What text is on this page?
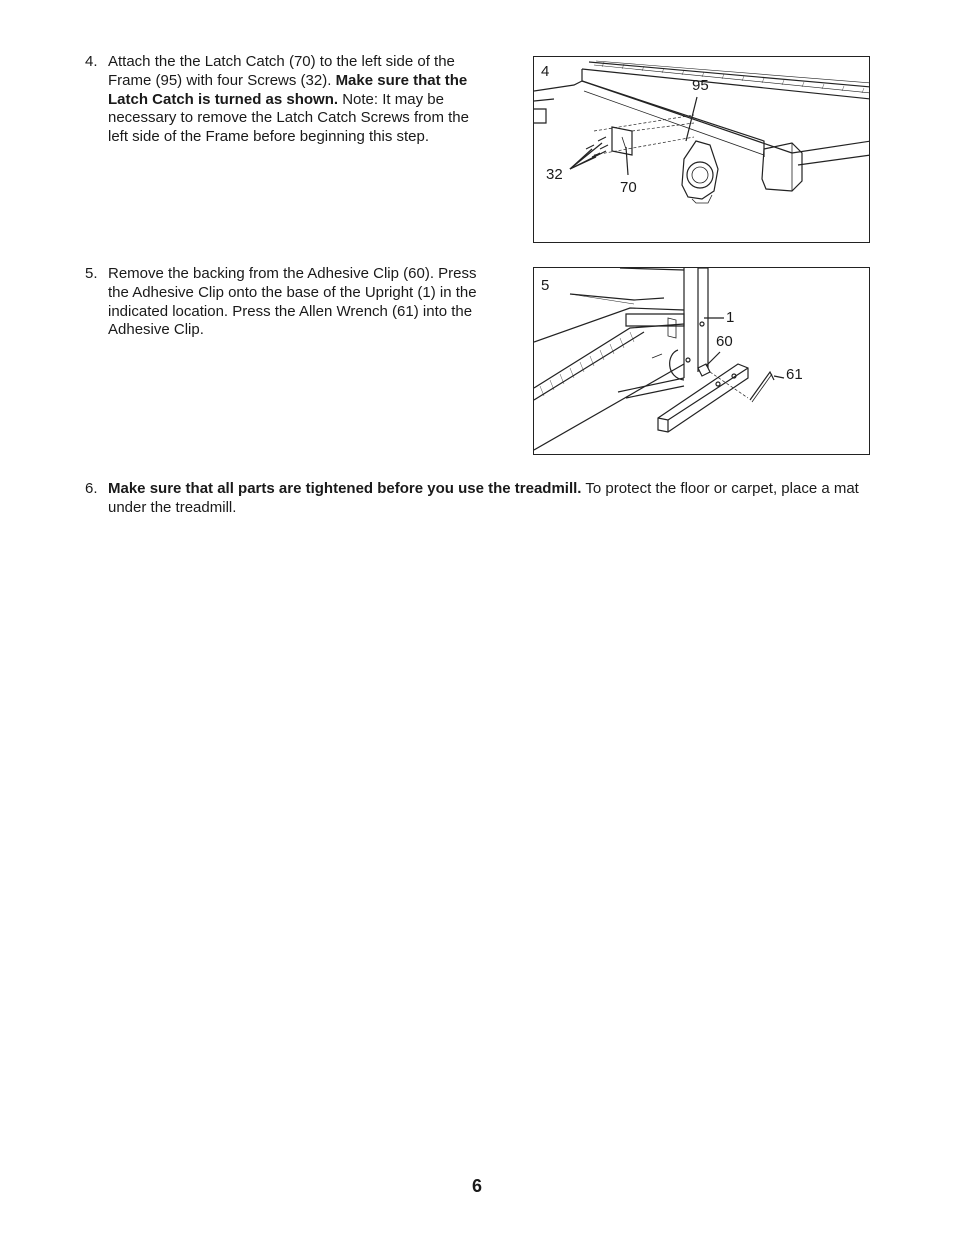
4. Attach the the Latch Catch (70) to the left side of the Frame (95) with four Screws (32). Make sure that the Latch Catch is turned as shown. Note: It may be necessary to remove the Latch Catch Screws from the left side of the Frame before beginning this step.
4
95
32
70
5. Remove the backing from the Adhesive Clip (60). Press the Adhesive Clip onto the base of the Upright (1) in the indicated location. Press the Allen Wrench (61) into the Adhesive Clip.
5
1
60
61
6. Make sure that all parts are tightened before you use the treadmill. To protect the floor or carpet, place a mat under the treadmill.
6
